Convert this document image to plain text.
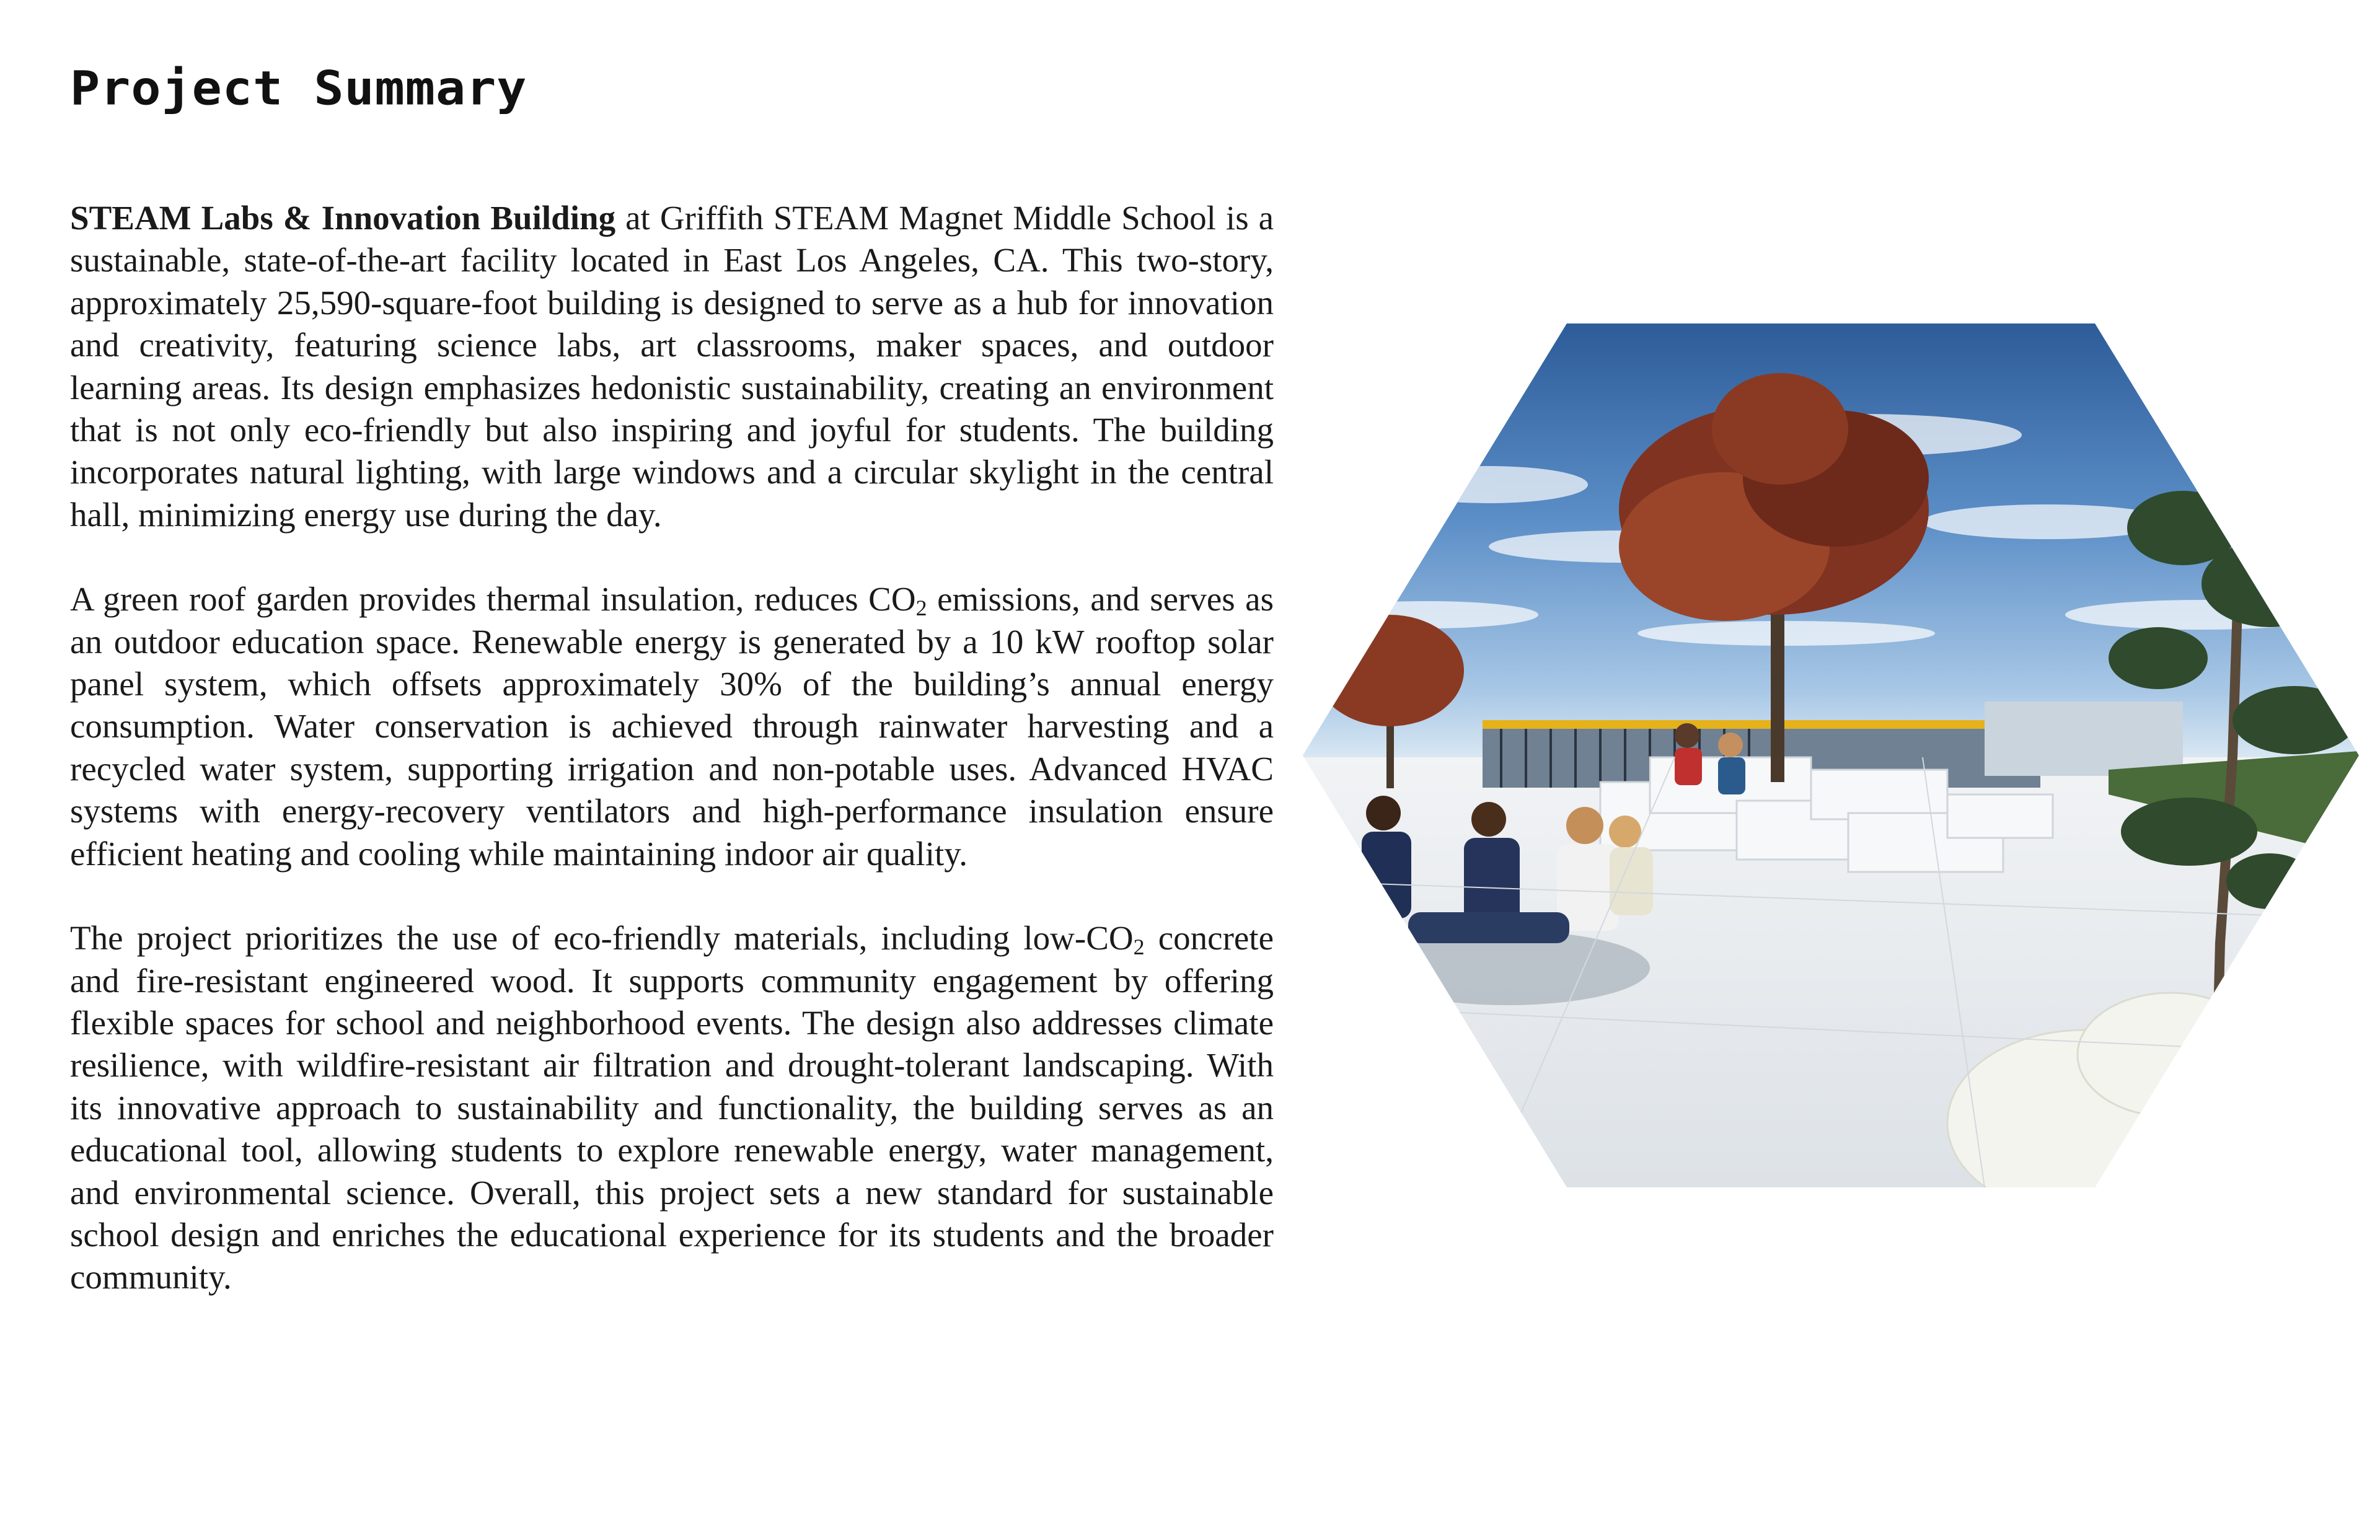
Project Summary

STEAM Labs & Innovation Building at Griffith STEAM Magnet Middle School is a sustainable, state-of-the-art facility located in East Los Angeles, CA. This two-story, approximately 25,590-square-foot building is designed to serve as a hub for innovation and creativity, featuring science labs, art classrooms, maker spaces, and outdoor learning areas. Its design emphasizes hedonistic sustainability, creating an environment that is not only eco-friendly but also inspiring and joyful for students. The building incorporates natural lighting, with large windows and a circular skylight in the central hall, minimizing energy use during the day.

A green roof garden provides thermal insulation, reduces $CO_2$ emissions, and serves as an outdoor education space. Renewable energy is generated by a 10 kW rooftop solar panel system, which offsets approximately 30% of the building’s annual energy consumption. Water conservation is achieved through rainwater harvesting and a recycled water system, supporting irrigation and non-potable uses. Advanced HVAC systems with energy-recovery ventilators and high-performance insulation ensure efficient heating and cooling while maintaining indoor air quality.

The project prioritizes the use of eco-friendly materials, including low-$CO_2$ concrete and fire-resistant engineered wood. It supports community engagement by offering flexible spaces for school and neighborhood events. The design also addresses climate resilience, with wildfire-resistant air filtration and drought-tolerant landscaping. With its innovative approach to sustainability and functionality, the building serves as an educational tool, allowing students to explore renewable energy, water management, and environmental science. Overall, this project sets a new standard for sustainable school design and enriches the educational experience for its students and the broader community.
